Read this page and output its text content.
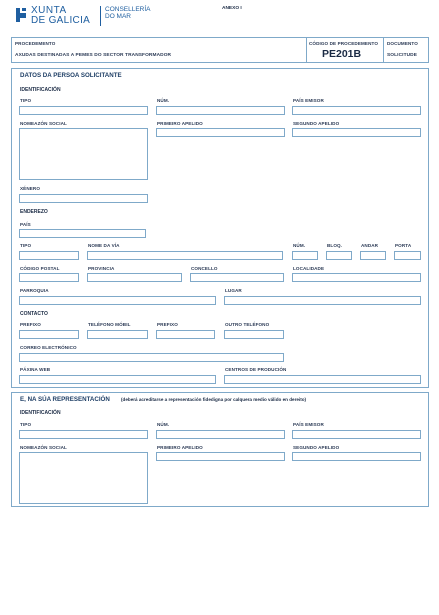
XUNTA
DE GALICIA
CONSELLERÍA
DO MAR
ANEXO I
PROCEDEMENTO
AXUDAS DESTINADAS A PEMES DO SECTOR TRANSFORMADOR
CÓDIGO DE PROCEDEMENTO
PE201B
DOCUMENTO
SOLICITUDE
DATOS DA PERSOA SOLICITANTE
IDENTIFICACIÓN
TIPO	NÚM.	PAÍS EMISOR
NOMEAZÓN SOCIAL	PRIMEIRO APELIDO	SEGUNDO APELIDO
XÉNERO
ENDEREZO
PAÍS
TIPO	NOME DA VÍA	NÚM.	BLOQ.	ANDAR	PORTA
CÓDIGO POSTAL	PROVINCIA	CONCELLO	LOCALIDADE
PARROQUIA	LUGAR
CONTACTO
PREFIXO	TELÉFONO MÓBIL	PREFIXO	OUTRO TELÉFONO
CORREO ELECTRÓNICO
PÁXINA WEB	CENTROS DE PRODUCIÓN
E, NA SÚA REPRESENTACIÓN (deberá acreditarse a representación fidedigna por calquera medio válido en dereito)
IDENTIFICACIÓN
TIPO	NÚM.	PAÍS EMISOR
NOMEAZÓN SOCIAL	PRIMEIRO APELIDO	SEGUNDO APELIDO
